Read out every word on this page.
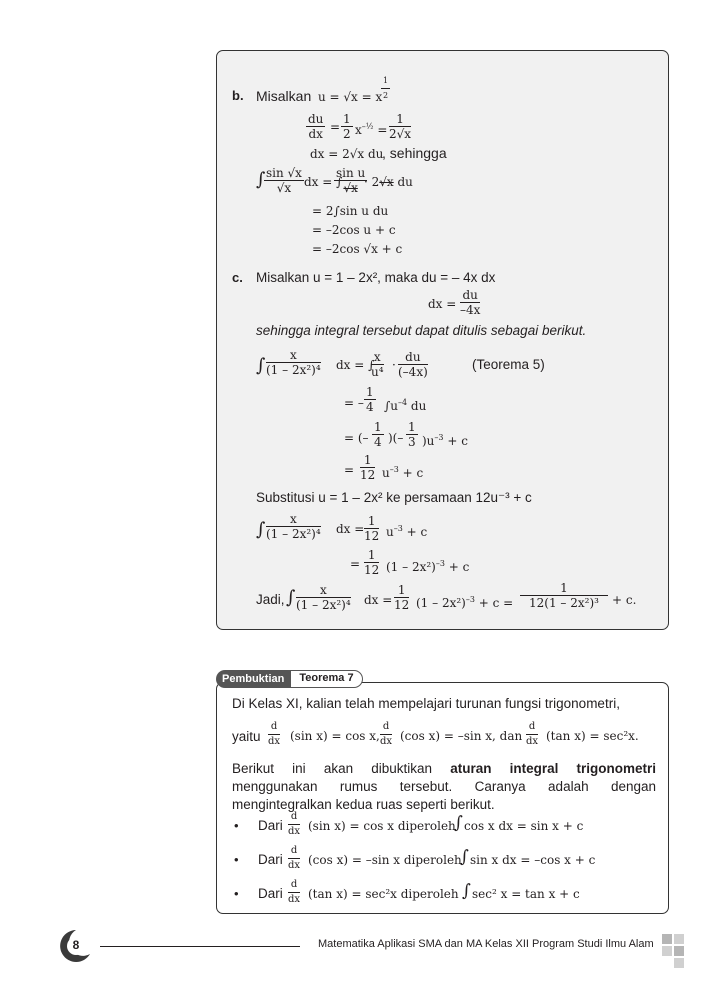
b. Misalkan u = √x = x
$\frac{1}{2}$
$\frac{du}{dx} = \frac{1}{2} x^{-\frac{1}{2}} = \frac{1}{2√x}$
dx = 2√x du
, sehingga
∫
$\frac{\sin √x}{√x}$ dx = ∫
$\frac{\text{sin u}}{√x}$
· 2√x du
= 2∫sin u du
= –2cos u + c
= –2cos √x + c
c. Misalkan u = 1 – 2x², maka du = – 4x dx
dx = $\frac{du}{-4x}$
sehingga integral tersebut dapat ditulis sebagai berikut.
∫ $\frac{x}{\text{(1 – 2x²)⁴}}$ dx = ∫
$\frac{x}{\text{u⁴}} \cdot \frac{du}{(-4x)}$	(Teorema 5)
= – $\frac{1}{4} \int u^{-4}$ du
= (– $\frac{1}{4}$ )(– $\frac{1}{3} )u^{-3} + c$
= $\frac{1}{12} u^{-3} + c$
Substitusi u = 1 – 2x² ke persamaan 12u⁻³ + c
∫ $\frac{x}{\text{(1 – 2x²)⁴}}$ dx = $\frac{1}{12} u^{-3} + c$
= $\frac{1}{12} (1 - 2x^2)^{-3} + c$
Jadi, ∫ $\frac{x}{\text{(1 – 2x²)⁴}}$ dx = $\frac{1}{12} (1 - 2x^2)^{-3} + c = \frac{1}{\text{12(1 – 2x²)³}} + c$.
Pembuktian	Teorema 7
Di Kelas XI, kalian telah mempelajari turunan fungsi trigonometri,
yaitu $\frac{d}{dx} (\sin$ x) = cos x, $\frac{d}{dx} (\cos$ x) = –sin x, dan $\frac{d}{dx} (\tan$ x) = sec²x.
Berikut ini akan dibuktikan aturan integral trigonometri menggunakan rumus tersebut. Caranya adalah dengan mengintegralkan kedua ruas seperti berikut.
• Dari $\frac{d}{dx} (\sin$ x) = cos x diperoleh
∫ cos x dx = sin x + c
• Dari $\frac{d}{dx} (\cos$ x) = –sin x diperoleh
∫ sin x dx = –cos x + c
• Dari $\frac{d}{dx} (\tan$ x) = sec²x diperoleh ∫ sec² x = tan x + c
8	Matematika Aplikasi SMA dan MA Kelas XII Program Studi Ilmu Alam
